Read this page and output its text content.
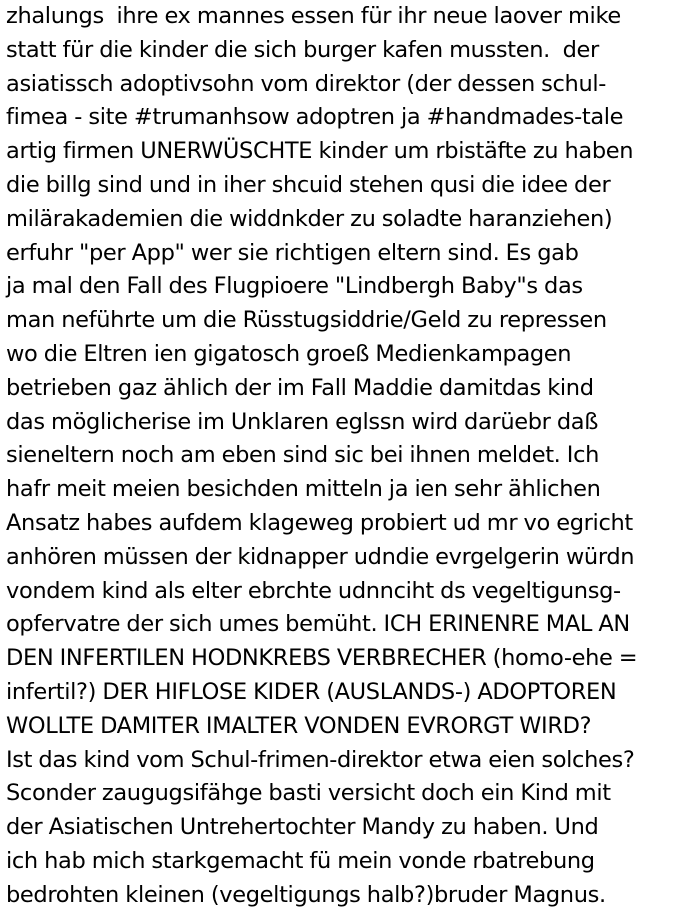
zhalungs  ihre ex mannes essen für ihr neue laover mike
statt für die kinder die sich burger kafen mussten.  der
asiatissch adoptivsohn vom direktor (der dessen schul-
fimea - site #trumanhsow adoptren ja #handmades-tale
artig firmen UNERWÜSCHTE kinder um rbistäfte zu haben
die billg sind und in iher shcuid stehen qusi die idee der
milärakademien die widdnkder zu soladte haranziehen)
erfuhr "per App" wer sie richtigen eltern sind. Es gab
ja mal den Fall des Flugpioere "Lindbergh Baby"s das
man neführte um die Rüsstugsiddrie/Geld zu repressen
wo die Eltren ien gigatosch groeß Medienkampagen
betrieben gaz ählich der im Fall Maddie damitdas kind
das möglicherise im Unklaren eglssn wird darüebr daß
sieneltern noch am eben sind sic bei ihnen meldet. Ich
hafr meit meien besichden mitteln ja ien sehr ählichen
Ansatz habes aufdem klageweg probiert ud mr vo egricht
anhören müssen der kidnapper udndie evrgelgerin würdn
vondem kind als elter ebrchte udnnciht ds vegeltigunsg-
opfervatre der sich umes bemüht. ICH ERINENRE MAL AN
DEN INFERTILEN HODNKREBS VERBRECHER (homo-ehe =
infertil?) DER HIFLOSE KIDER (AUSLANDS-) ADOPTOREN
WOLLTE DAMITER IMALTER VONDEN EVRORGT WIRD?
Ist das kind vom Schul-frimen-direktor etwa eien solches?
Sconder zaugugsifähge basti versicht doch ein Kind mit
der Asiatischen Untrehertochter Mandy zu haben. Und
ich hab mich starkgemacht fü mein vonde rbatrebung
bedrohten kleinen (vegeltigungs halb?)bruder Magnus.
